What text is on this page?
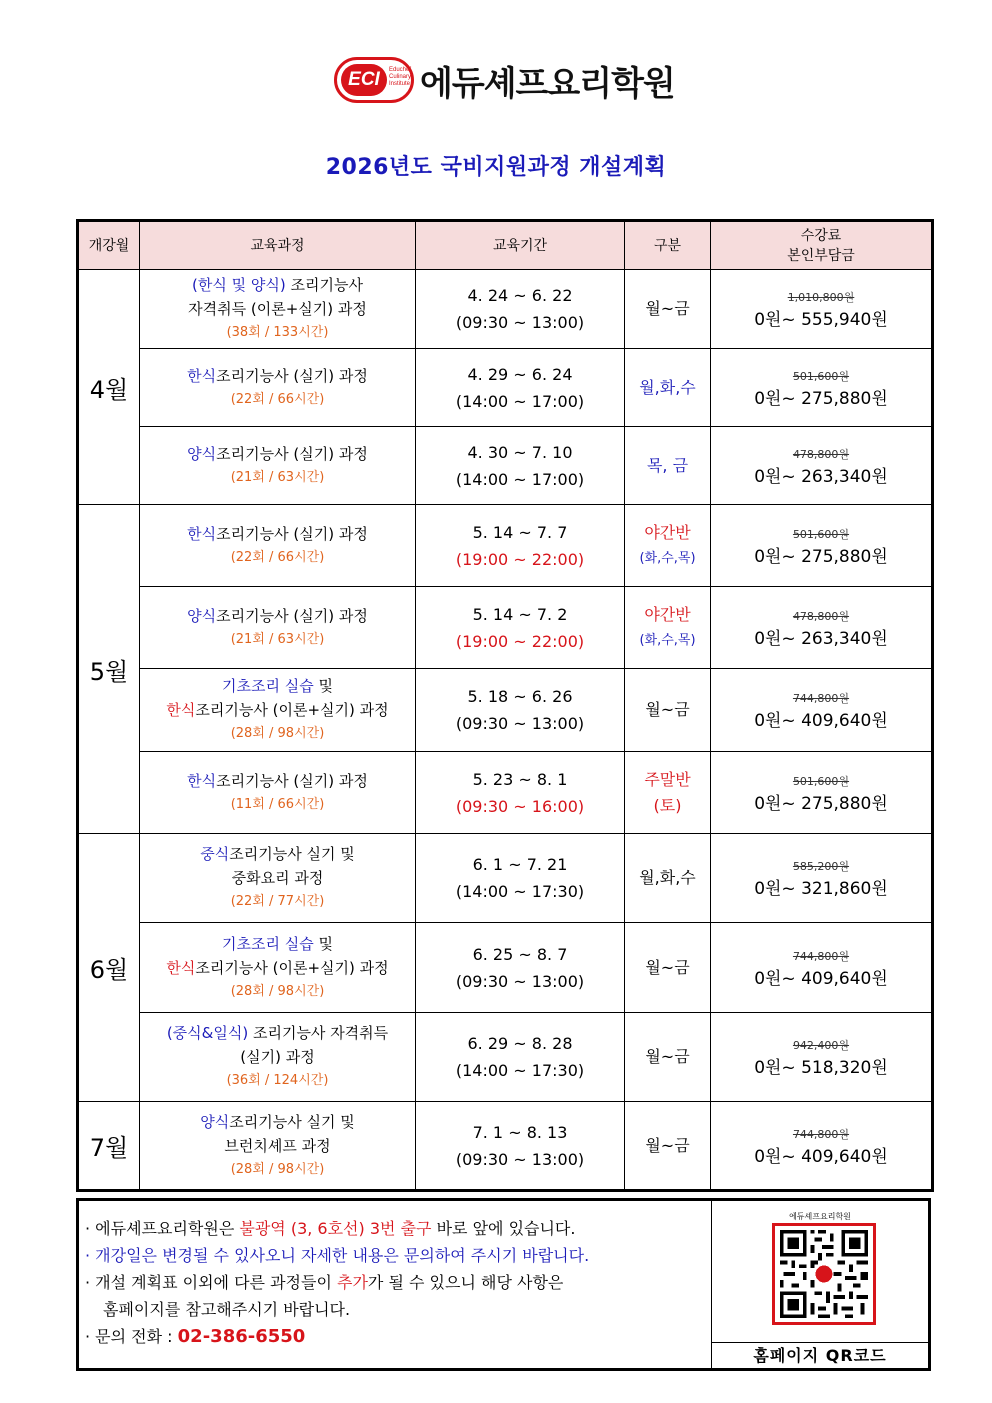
ECI	Educhef Culinary Institute 에듀셰프요리학원
2026년도 국비지원과정 개설계획
개강월	교육과정	교육기간	구분	수강료
본인부담금

4월	(한식 및 양식) 조리기능사
자격취득 (이론+실기) 과정
(38회 / 133시간)	4. 24 ~ 6. 22
(09:30 ~ 13:00)	월~금	1,010,800원
0원~ 555,940원

	한식조리기능사 (실기) 과정
(22회 / 66시간)	4. 29 ~ 6. 24
(14:00 ~ 17:00)	월,화,수	501,600원
0원~ 275,880원

	양식조리기능사 (실기) 과정
(21회 / 63시간)	4. 30 ~ 7. 10
(14:00 ~ 17:00)	목, 금	478,800원
0원~ 263,340원

5월	한식조리기능사 (실기) 과정
(22회 / 66시간)	5. 14 ~ 7. 7
(19:00 ~ 22:00)	야간반
(화,수,목)	501,600원
0원~ 275,880원

	양식조리기능사 (실기) 과정
(21회 / 63시간)	5. 14 ~ 7. 2
(19:00 ~ 22:00)	야간반
(화,수,목)	478,800원
0원~ 263,340원

	기초조리 실습 및
한식조리기능사 (이론+실기) 과정
(28회 / 98시간)	5. 18 ~ 6. 26
(09:30 ~ 13:00)	월~금	744,800원
0원~ 409,640원

	한식조리기능사 (실기) 과정
(11회 / 66시간)	5. 23 ~ 8. 1
(09:30 ~ 16:00)	주말반
(토)	501,600원
0원~ 275,880원

6월	중식조리기능사 실기 및
중화요리 과정
(22회 / 77시간)	6. 1 ~ 7. 21
(14:00 ~ 17:30)	월,화,수	585,200원
0원~ 321,860원

	기초조리 실습 및
한식조리기능사 (이론+실기) 과정
(28회 / 98시간)	6. 25 ~ 8. 7
(09:30 ~ 13:00)	월~금	744,800원
0원~ 409,640원

	(중식&일식) 조리기능사 자격취득
(실기) 과정
(36회 / 124시간)	6. 29 ~ 8. 28
(14:00 ~ 17:30)	월~금	942,400원
0원~ 518,320원

7월	양식조리기능사 실기 및
브런치셰프 과정
(28회 / 98시간)	7. 1 ~ 8. 13
(09:30 ~ 13:00)	월~금	744,800원
0원~ 409,640원

· 에듀셰프요리학원은 불광역 (3, 6호선) 3번 출구 바로 앞에 있습니다.

· 개강일은 변경될 수 있사오니 자세한 내용은 문의하여 주시기 바랍니다.

· 개설 계획표 이외에 다른 과정들이 추가가 될 수 있으니 해당 사항은

홈페이지를 참고해주시기 바랍니다.

· 문의 전화 : 02-386-6550

에듀셰프요리학원
홈페이지 QR코드
